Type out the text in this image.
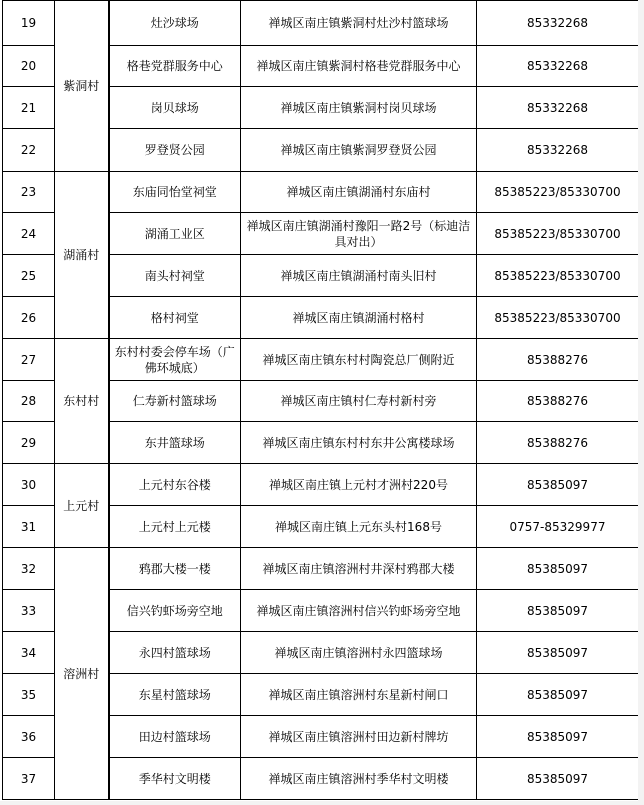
19	紫洞村	灶沙球场	禅城区南庄镇紫洞村灶沙村篮球场	85332268
20		格巷党群服务中心	禅城区南庄镇紫洞村格巷党群服务中心	85332268
21		岗贝球场	禅城区南庄镇紫洞村岗贝球场	85332268
22		罗登贤公园	禅城区南庄镇紫洞罗登贤公园	85332268
23	湖涌村	东庙同怡堂祠堂	禅城区南庄镇湖涌村东庙村	85385223/85330700
24		湖涌工业区	禅城区南庄镇湖涌村豫阳一路2号（标迪洁具对出）	85385223/85330700
25		南头村祠堂	禅城区南庄镇湖涌村南头旧村	85385223/85330700
26		格村祠堂	禅城区南庄镇湖涌村格村	85385223/85330700
27	东村村	东村村委会停车场（广佛环城底）	禅城区南庄镇东村村陶瓷总厂侧附近	85388276
28		仁寿新村篮球场	禅城区南庄镇村仁寿村新村旁	85388276
29		东井篮球场	禅城区南庄镇东村村东井公寓楼球场	85388276
30	上元村	上元村东谷楼	禅城区南庄镇上元村才洲村220号	85385097
31		上元村上元楼	禅城区南庄镇上元东头村168号	0757-85329977
32	溶洲村	鸦郡大楼一楼	禅城区南庄镇溶洲村井深村鸦郡大楼	85385097
33		信兴钓虾场旁空地	禅城区南庄镇溶洲村信兴钓虾场旁空地	85385097
34		永四村篮球场	禅城区南庄镇溶洲村永四篮球场	85385097
35		东星村篮球场	禅城区南庄镇溶洲村东星新村闸口	85385097
36		田边村篮球场	禅城区南庄镇溶洲村田边新村牌坊	85385097
37		季华村文明楼	禅城区南庄镇溶洲村季华村文明楼	85385097
